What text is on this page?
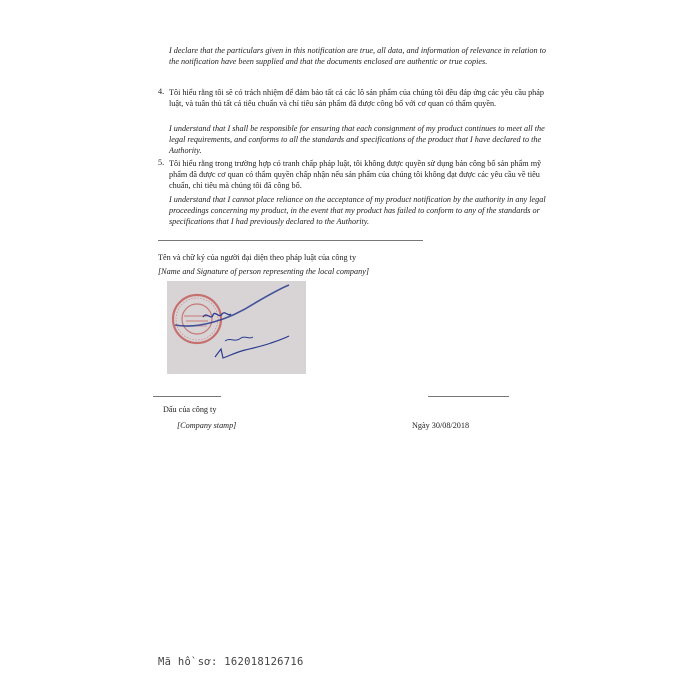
I declare that the particulars given in this notification are true, all data, and information of relevance in relation to the notification have been supplied and that the documents enclosed are authentic or true copies.
4. Tôi hiểu rằng tôi sẽ có trách nhiệm để đảm bảo tất cả các lô sản phẩm của chúng tôi đều đáp ứng các yêu cầu pháp luật, và tuân thủ tất cả tiêu chuẩn và chỉ tiêu sản phẩm đã được công bố với cơ quan có thẩm quyền.
I understand that I shall be responsible for ensuring that each consignment of my product continues to meet all the legal requirements, and conforms to all the standards and specifications of the product that I have declared to the Authority.
5. Tôi hiểu rằng trong trường hợp có tranh chấp pháp luật, tôi không được quyền sử dụng bản công bố sản phẩm mỹ phẩm đã được cơ quan có thẩm quyền chấp nhận nếu sản phẩm của chúng tôi không đạt được các yêu cầu về tiêu chuẩn, chỉ tiêu mà chúng tôi đã công bố.
I understand that I cannot place reliance on the acceptance of my product notification by the authority in any legal proceedings concerning my product, in the event that my product has failed to conform to any of the standards or specifications that I had previously declared to the Authority.
Tên và chữ ký của người đại diện theo pháp luật của công ty
[Name and Signature of person representing the local company]
Dấu của công ty
[Company stamp]	Ngày 30/08/2018
Mã hồ sơ: 162018126716
